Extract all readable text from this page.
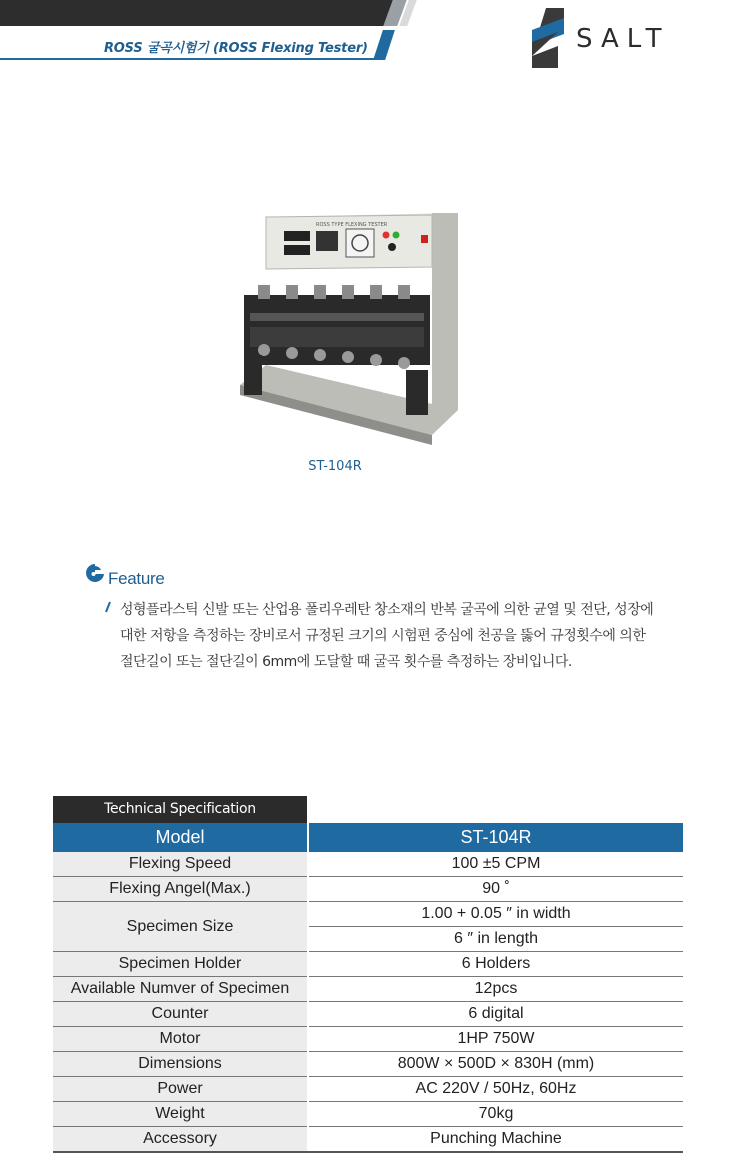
ROSS 굴곡시험기 (ROSS Flexing Tester)	SALT
ROSS TYPE FLEXING TESTER
ST-104R
Feature

성형플라스틱 신발 또는 산업용 폴리우레탄 창소재의 반복 굴곡에 의한 균열 및 전단, 성장에 대한 저항을 측정하는 장비로서 규정된 크기의 시험편 중심에 천공을 뚫어 규정횟수에 의한 절단길이 또는 절단길이 6mm에 도달할 때 굴곡 횟수를 측정하는 장비입니다.

Technical Specification
Model	ST-104R
Flexing Speed	100 ±5 CPM
Flexing Angel(Max.)	90 ˚
Specimen Size	1.00 + 0.05 ″ in width
	6 ″ in length
Specimen Holder	6 Holders
Available Numver of Specimen	12pcs
Counter	6 digital
Motor	1HP 750W
Dimensions	800W × 500D × 830H (mm)
Power	AC 220V / 50Hz, 60Hz
Weight	70kg
Accessory	Punching Machine
